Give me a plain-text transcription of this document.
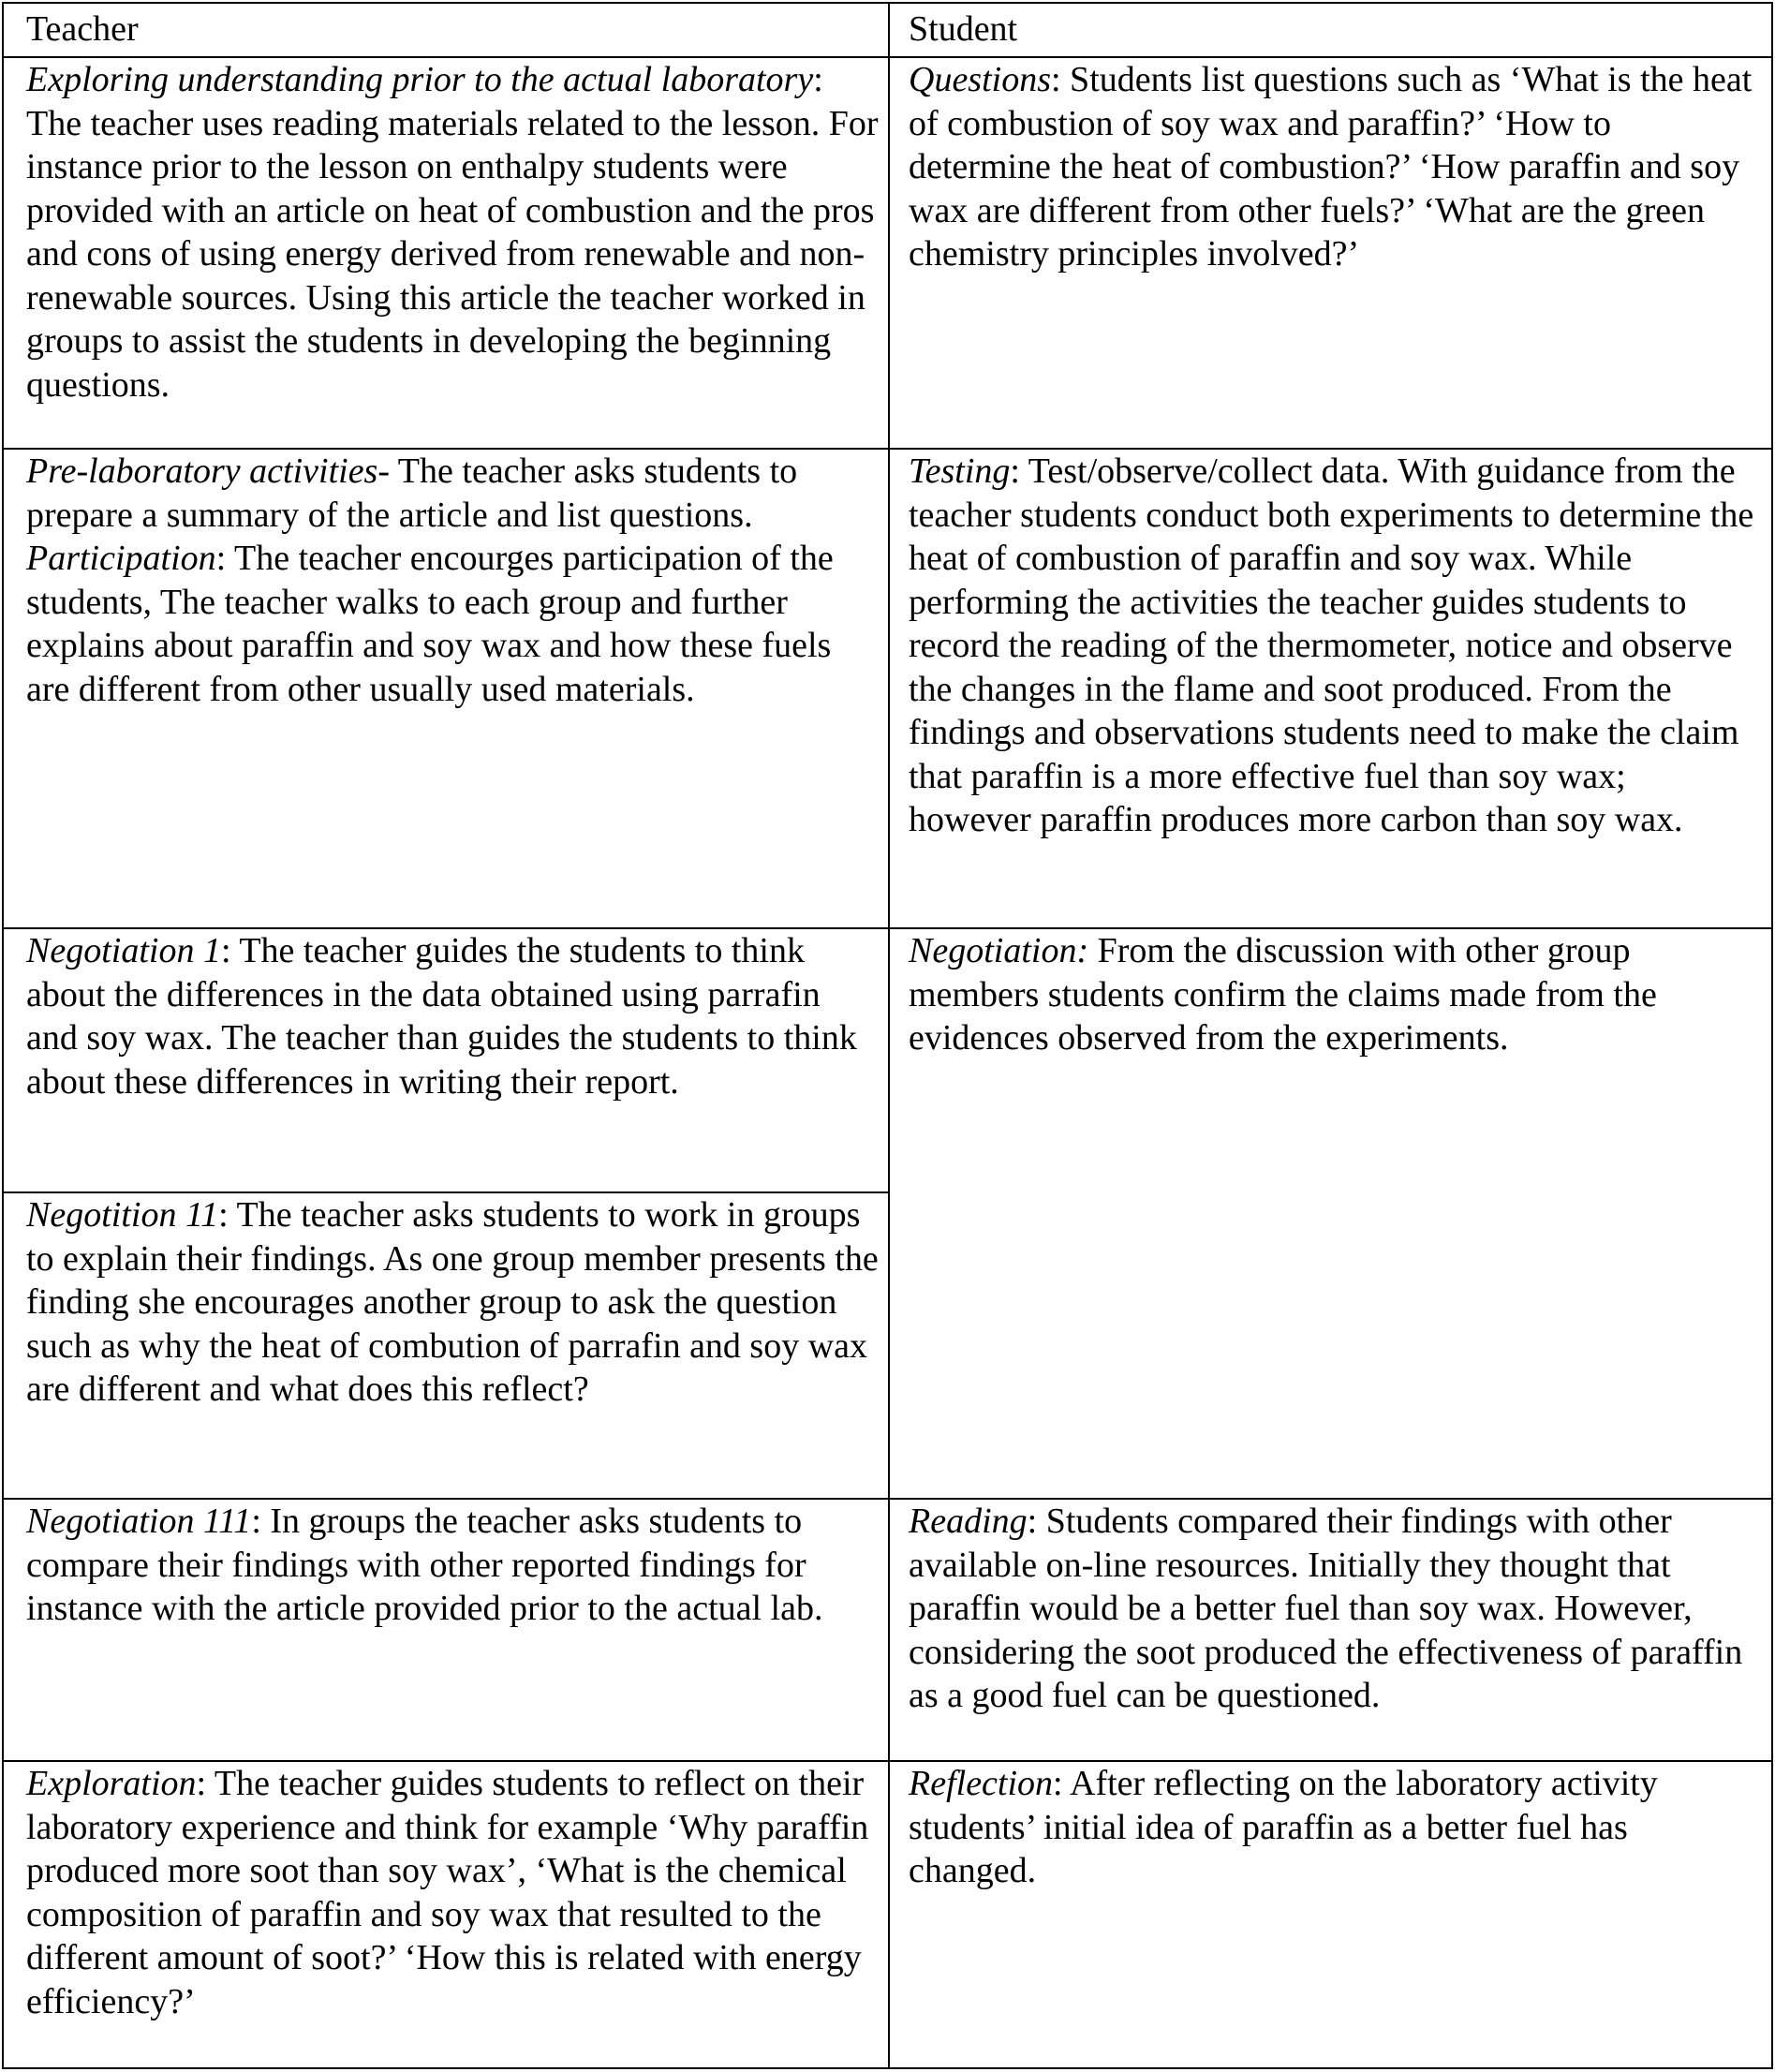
Teacher	Student
Exploring understanding prior to the actual laboratory: The teacher uses reading materials related to the lesson. For instance prior to the lesson on enthalpy students were provided with an article on heat of combustion and the pros and cons of using energy derived from renewable and non-renewable sources. Using this article the teacher worked in groups to assist the students in developing the beginning questions.
Questions: Students list questions such as ‘What is the heat of combustion of soy wax and paraffin?’ ‘How to determine the heat of combustion?’ ‘How paraffin and soy wax are different from other fuels?’ ‘What are the green chemistry principles involved?’
Pre-laboratory activities- The teacher asks students to prepare a summary of the article and list questions. Participation: The teacher encourges participation of the students, The teacher walks to each group and further explains about paraffin and soy wax and how these fuels are different from other usually used materials.
Testing: Test/observe/collect data. With guidance from the teacher students conduct both experiments to determine the heat of combustion of paraffin and soy wax. While performing the activities the teacher guides students to record the reading of the thermometer, notice and observe the changes in the flame and soot produced. From the findings and observations students need to make the claim that paraffin is a more effective fuel than soy wax; however paraffin produces more carbon than soy wax.
Negotiation 1: The teacher guides the students to think about the differences in the data obtained using parrafin and soy wax. The teacher than guides the students to think about these differences in writing their report.
Negotition 11: The teacher asks students to work in groups to explain their findings. As one group member presents the finding she encourages another group to ask the question such as why the heat of combution of parrafin and soy wax are different and what does this reflect?
Negotiation: From the discussion with other group members students confirm the claims made from the evidences observed from the experiments.
Negotiation 111: In groups the teacher asks students to compare their findings with other reported findings for instance with the article provided prior to the actual lab.
Reading: Students compared their findings with other available on-line resources. Initially they thought that paraffin would be a better fuel than soy wax. However, considering the soot produced the effectiveness of paraffin as a good fuel can be questioned.
Exploration: The teacher guides students to reflect on their laboratory experience and think for example ‘Why paraffin produced more soot than soy wax’, ‘What is the chemical composition of paraffin and soy wax that resulted to the different amount of soot?’ ‘How this is related with energy efficiency?’
Reflection: After reflecting on the laboratory activity students’ initial idea of paraffin as a better fuel has changed.
